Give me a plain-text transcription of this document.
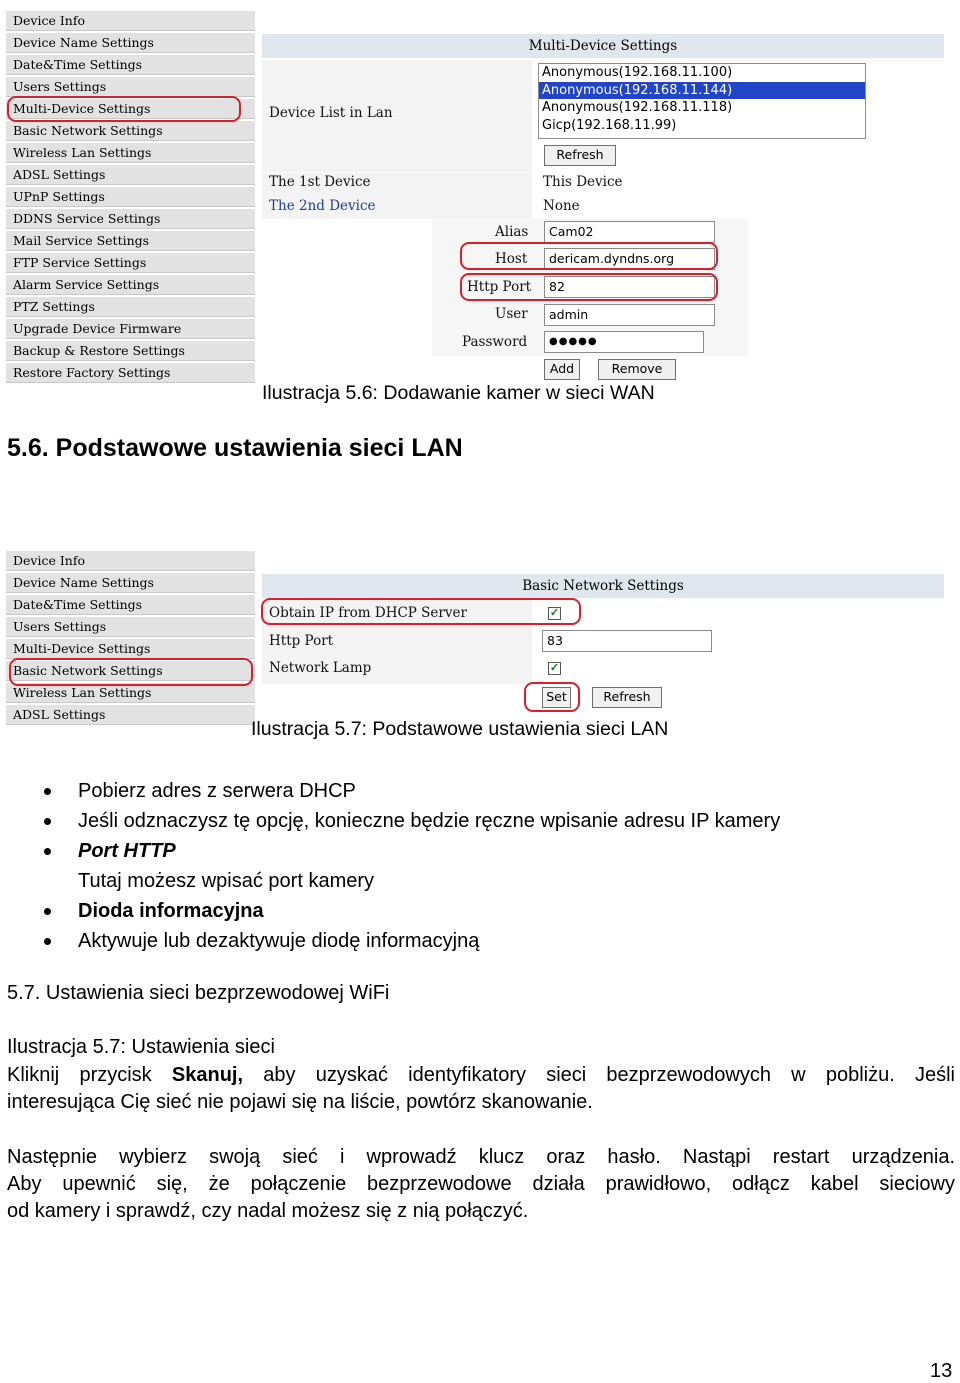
Device Info
Device Name Settings
Date&Time Settings
Users Settings
Multi-Device Settings
Basic Network Settings
Wireless Lan Settings
ADSL Settings
UPnP Settings
DDNS Service Settings
Mail Service Settings
FTP Service Settings
Alarm Service Settings
PTZ Settings
Upgrade Device Firmware
Backup & Restore Settings
Restore Factory Settings
Multi-Device Settings
Device List in Lan
Anonymous(192.168.11.100)
Anonymous(192.168.11.144)
Anonymous(192.168.11.118)
Gicp(192.168.11.99)
Refresh
The 1st Device	This Device
The 2nd Device	None
Alias	Cam02
Host	dericam.dyndns.org
Http Port	82
User	admin
Password	●●●●●
Add	Remove
Ilustracja 5.6: Dodawanie kamer w sieci WAN
5.6. Podstawowe ustawienia sieci LAN
Device Info
Device Name Settings
Date&Time Settings
Users Settings
Multi-Device Settings
Basic Network Settings
Wireless Lan Settings
ADSL Settings
Basic Network Settings
Obtain IP from DHCP Server	✓
Http Port	83
Network Lamp	✓
Set	Refresh
Ilustracja 5.7: Podstawowe ustawienia sieci LAN
Pobierz adres z serwera DHCP
Jeśli odznaczysz tę opcję, konieczne będzie ręczne wpisanie adresu IP kamery
Port HTTP
Tutaj możesz wpisać port kamery
Dioda informacyjna
Aktywuje lub dezaktywuje diodę informacyjną
5.7. Ustawienia sieci bezprzewodowej WiFi
Ilustracja 5.7: Ustawienia sieci
Kliknij przycisk Skanuj, aby uzyskać identyfikatory sieci bezprzewodowych w pobliżu. Jeśli
interesująca Cię sieć nie pojawi się na liście, powtórz skanowanie.
Następnie wybierz swoją sieć i wprowadź klucz oraz hasło. Nastąpi restart urządzenia.
Aby upewnić się, że połączenie bezprzewodowe działa prawidłowo, odłącz kabel sieciowy
od kamery i sprawdź, czy nadal możesz się z nią połączyć.
13
